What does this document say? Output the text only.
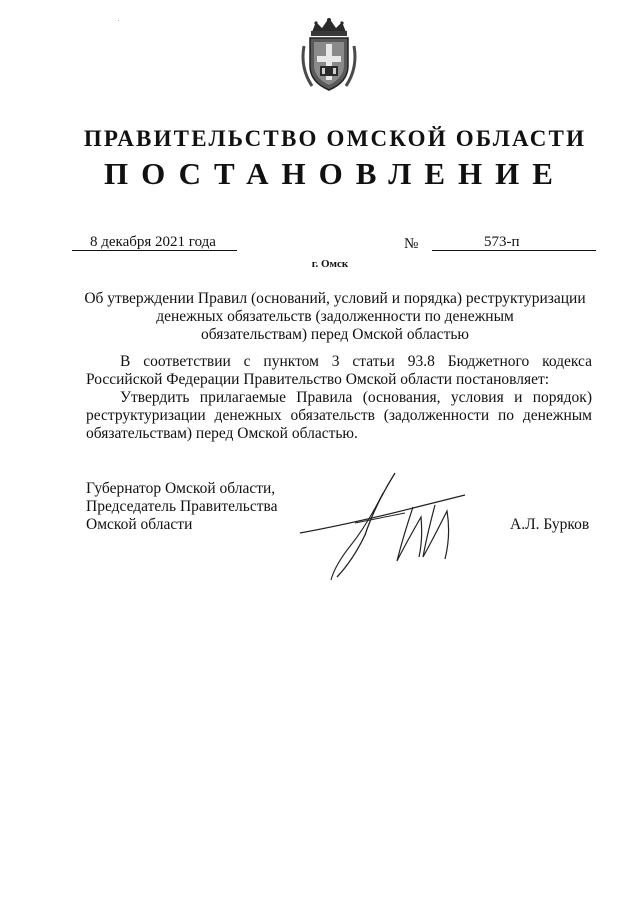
ПРАВИТЕЛЬСТВО ОМСКОЙ ОБЛАСТИ
ПОСТАНОВЛЕНИЕ
8 декабря 2021 года	№	573-п
г. Омск
Об утверждении Правил (оснований, условий и порядка) реструктуризации
денежных обязательств (задолженности по денежным
обязательствам) перед Омской областью

В соответствии с пунктом 3 статьи 93.8 Бюджетного кодекса Российской Федерации Правительство Омской области постановляет:

Утвердить прилагаемые Правила (основания, условия и порядок) реструктуризации денежных обязательств (задолженности по денежным обязательствам) перед Омской областью.

Губернатор Омской области,
Председатель Правительства
Омской области	А.Л. Бурков
